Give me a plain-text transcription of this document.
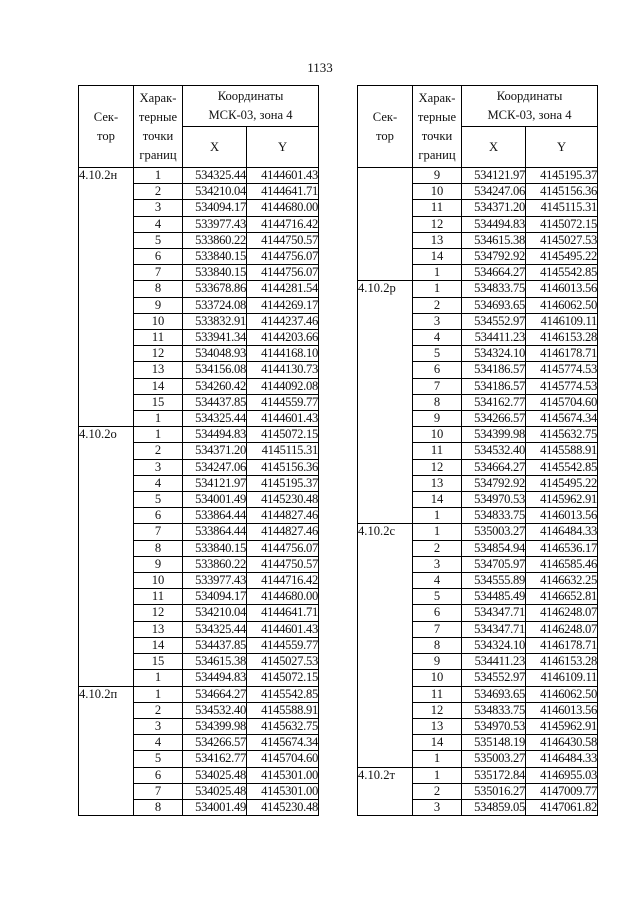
1133
Сек-
тор	Харак-
терные
точки
границ	Координаты
МСК-03, зона 4	
		X	Y
4.10.2н	1	534325.44	4144601.43
	2	534210.04	4144641.71
	3	534094.17	4144680.00
	4	533977.43	4144716.42
	5	533860.22	4144750.57
	6	533840.15	4144756.07
	7	533840.15	4144756.07
	8	533678.86	4144281.54
	9	533724.08	4144269.17
	10	533832.91	4144237.46
	11	533941.34	4144203.66
	12	534048.93	4144168.10
	13	534156.08	4144130.73
	14	534260.42	4144092.08
	15	534437.85	4144559.77
	1	534325.44	4144601.43
4.10.2о	1	534494.83	4145072.15
	2	534371.20	4145115.31
	3	534247.06	4145156.36
	4	534121.97	4145195.37
	5	534001.49	4145230.48
	6	533864.44	4144827.46
	7	533864.44	4144827.46
	8	533840.15	4144756.07
	9	533860.22	4144750.57
	10	533977.43	4144716.42
	11	534094.17	4144680.00
	12	534210.04	4144641.71
	13	534325.44	4144601.43
	14	534437.85	4144559.77
	15	534615.38	4145027.53
	1	534494.83	4145072.15
4.10.2п	1	534664.27	4145542.85
	2	534532.40	4145588.91
	3	534399.98	4145632.75
	4	534266.57	4145674.34
	5	534162.77	4145704.60
	6	534025.48	4145301.00
	7	534025.48	4145301.00
	8	534001.49	4145230.48
Сек-
тор	Харак-
терные
точки
границ	Координаты
МСК-03, зона 4	
		X	Y
	9	534121.97	4145195.37
	10	534247.06	4145156.36
	11	534371.20	4145115.31
	12	534494.83	4145072.15
	13	534615.38	4145027.53
	14	534792.92	4145495.22
	1	534664.27	4145542.85
4.10.2р	1	534833.75	4146013.56
	2	534693.65	4146062.50
	3	534552.97	4146109.11
	4	534411.23	4146153.28
	5	534324.10	4146178.71
	6	534186.57	4145774.53
	7	534186.57	4145774.53
	8	534162.77	4145704.60
	9	534266.57	4145674.34
	10	534399.98	4145632.75
	11	534532.40	4145588.91
	12	534664.27	4145542.85
	13	534792.92	4145495.22
	14	534970.53	4145962.91
	1	534833.75	4146013.56
4.10.2с	1	535003.27	4146484.33
	2	534854.94	4146536.17
	3	534705.97	4146585.46
	4	534555.89	4146632.25
	5	534485.49	4146652.81
	6	534347.71	4146248.07
	7	534347.71	4146248.07
	8	534324.10	4146178.71
	9	534411.23	4146153.28
	10	534552.97	4146109.11
	11	534693.65	4146062.50
	12	534833.75	4146013.56
	13	534970.53	4145962.91
	14	535148.19	4146430.58
	1	535003.27	4146484.33
4.10.2т	1	535172.84	4146955.03
	2	535016.27	4147009.77
	3	534859.05	4147061.82
